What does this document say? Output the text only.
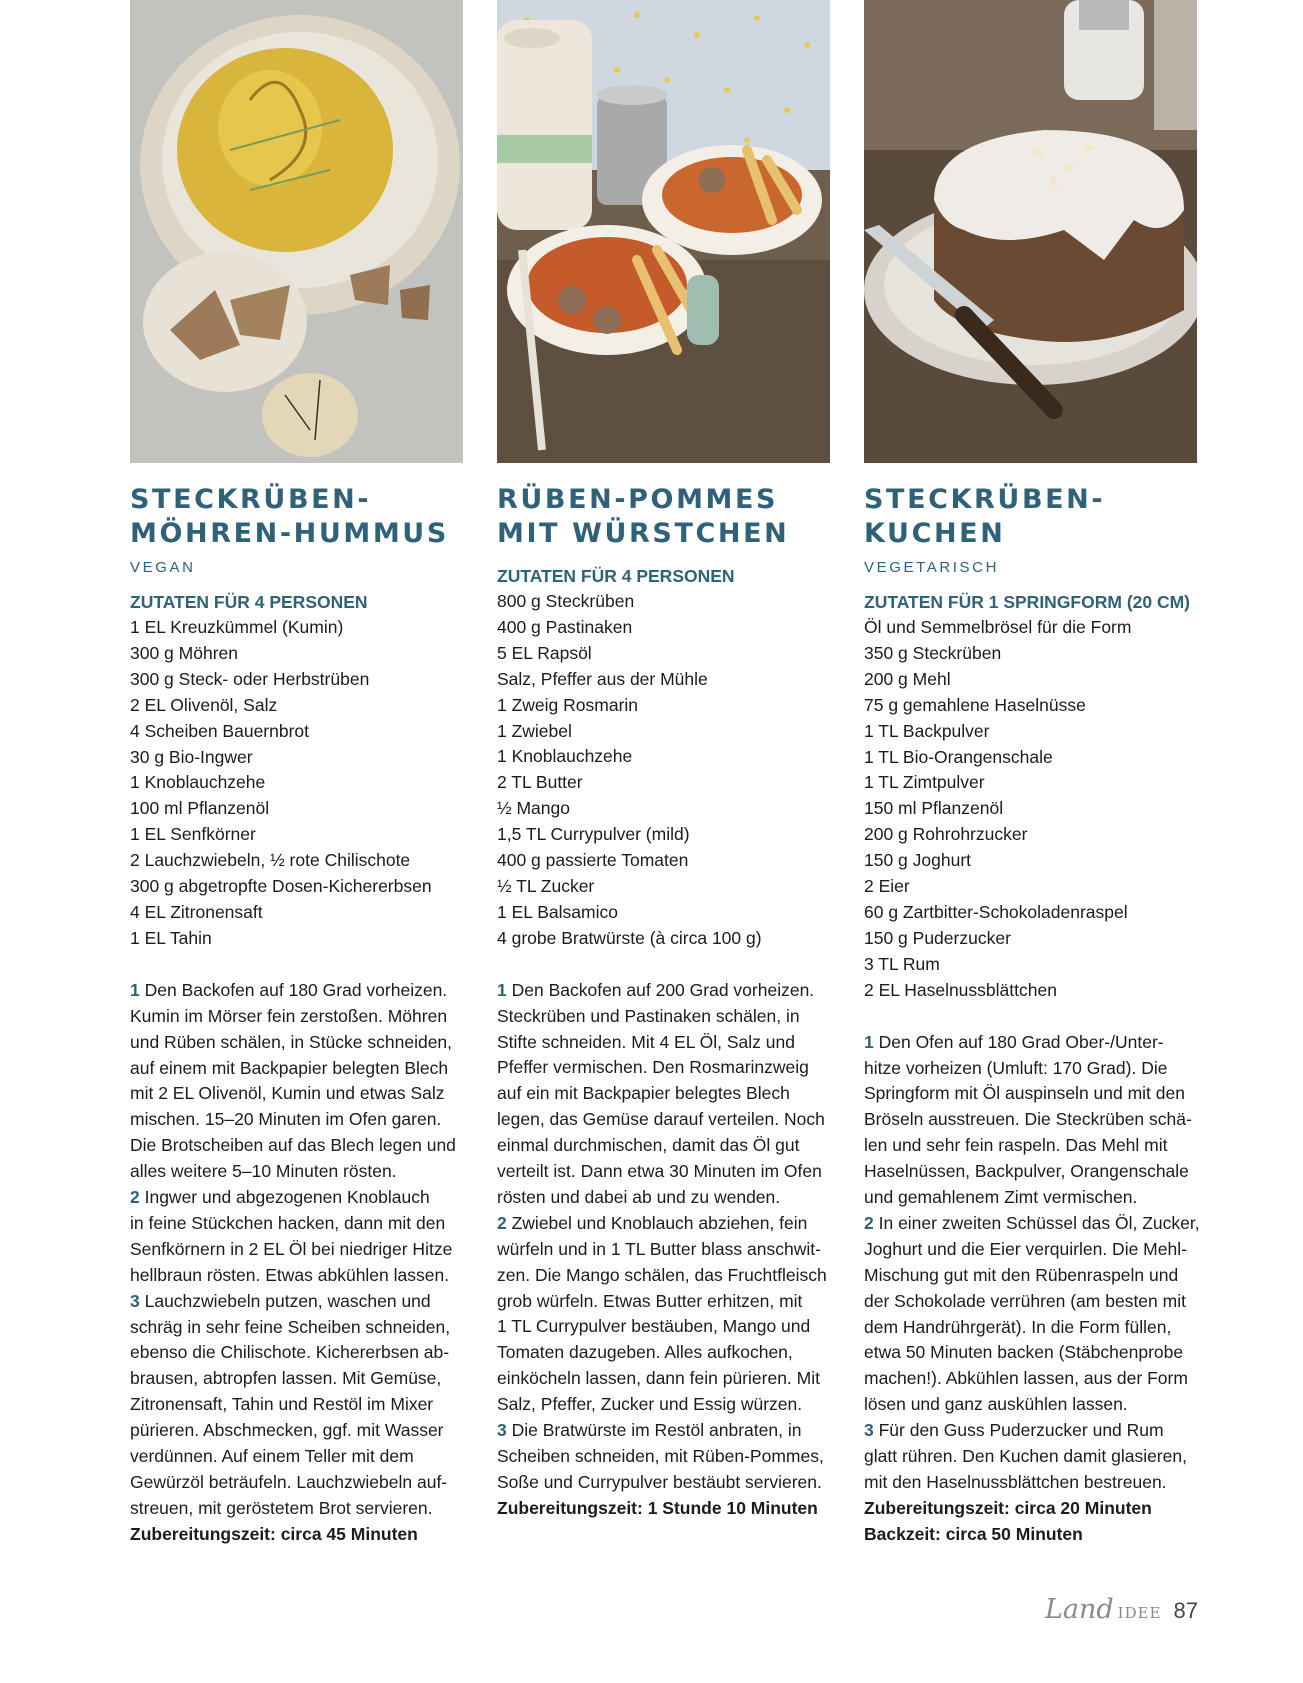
STECKRÜBEN-
MÖHREN-HUMMUS
VEGAN
ZUTATEN FÜR 4 PERSONEN
1 EL Kreuzkümmel (Kumin)
300 g Möhren
300 g Steck- oder Herbstrüben
2 EL Olivenöl, Salz
4 Scheiben Bauernbrot
30 g Bio-Ingwer
1 Knoblauchzehe
100 ml Pflanzenöl
1 EL Senfkörner
2 Lauchzwiebeln, ½ rote Chilischote
300 g abgetropfte Dosen-Kichererbsen
4 EL Zitronensaft
1 EL Tahin
1 Den Backofen auf 180 Grad vorheizen.
Kumin im Mörser fein zerstoßen. Möhren
und Rüben schälen, in Stücke schneiden,
auf einem mit Backpapier belegten Blech
mit 2 EL Olivenöl, Kumin und etwas Salz
mischen. 15–20 Minuten im Ofen garen.
Die Brotscheiben auf das Blech legen und
alles weitere 5–10 Minuten rösten.
2 Ingwer und abgezogenen Knoblauch
in feine Stückchen hacken, dann mit den
Senfkörnern in 2 EL Öl bei niedriger Hitze
hellbraun rösten. Etwas abkühlen lassen.
3 Lauchzwiebeln putzen, waschen und
schräg in sehr feine Scheiben schneiden,
ebenso die Chilischote. Kichererbsen ab-
brausen, abtropfen lassen. Mit Gemüse,
Zitronensaft, Tahin und Restöl im Mixer
pürieren. Abschmecken, ggf. mit Wasser
verdünnen. Auf einem Teller mit dem
Gewürzöl beträufeln. Lauchzwiebeln auf-
streuen, mit geröstetem Brot servieren.
Zubereitungszeit: circa 45 Minuten
RÜBEN-POMMES
MIT WÜRSTCHEN
ZUTATEN FÜR 4 PERSONEN
800 g Steckrüben
400 g Pastinaken
5 EL Rapsöl
Salz, Pfeffer aus der Mühle
1 Zweig Rosmarin
1 Zwiebel
1 Knoblauchzehe
2 TL Butter
½ Mango
1,5 TL Currypulver (mild)
400 g passierte Tomaten
½ TL Zucker
1 EL Balsamico
4 grobe Bratwürste (à circa 100 g)
1 Den Backofen auf 200 Grad vorheizen.
Steckrüben und Pastinaken schälen, in
Stifte schneiden. Mit 4 EL Öl, Salz und
Pfeffer vermischen. Den Rosmarinzweig
auf ein mit Backpapier belegtes Blech
legen, das Gemüse darauf verteilen. Noch
einmal durchmischen, damit das Öl gut
verteilt ist. Dann etwa 30 Minuten im Ofen
rösten und dabei ab und zu wenden.
2 Zwiebel und Knoblauch abziehen, fein
würfeln und in 1 TL Butter blass anschwit-
zen. Die Mango schälen, das Fruchtfleisch
grob würfeln. Etwas Butter erhitzen, mit
1 TL Currypulver bestäuben, Mango und
Tomaten dazugeben. Alles aufkochen,
einköcheln lassen, dann fein pürieren. Mit
Salz, Pfeffer, Zucker und Essig würzen.
3 Die Bratwürste im Restöl anbraten, in
Scheiben schneiden, mit Rüben-Pommes,
Soße und Currypulver bestäubt servieren.
Zubereitungszeit: 1 Stunde 10 Minuten
STECKRÜBEN-
KUCHEN
VEGETARISCH
ZUTATEN FÜR 1 SPRINGFORM (20 CM)
Öl und Semmelbrösel für die Form
350 g Steckrüben
200 g Mehl
75 g gemahlene Haselnüsse
1 TL Backpulver
1 TL Bio-Orangenschale
1 TL Zimtpulver
150 ml Pflanzenöl
200 g Rohrohrzucker
150 g Joghurt
2 Eier
60 g Zartbitter-Schokoladenraspel
150 g Puderzucker
3 TL Rum
2 EL Haselnussblättchen
1 Den Ofen auf 180 Grad Ober-/Unter-
hitze vorheizen (Umluft: 170 Grad). Die
Springform mit Öl auspinseln und mit den
Bröseln ausstreuen. Die Steckrüben schä-
len und sehr fein raspeln. Das Mehl mit
Haselnüssen, Backpulver, Orangenschale
und gemahlenem Zimt vermischen.
2 In einer zweiten Schüssel das Öl, Zucker,
Joghurt und die Eier verquirlen. Die Mehl-
Mischung gut mit den Rübenraspeln und
der Schokolade verrühren (am besten mit
dem Handrührgerät). In die Form füllen,
etwa 50 Minuten backen (Stäbchenprobe
machen!). Abkühlen lassen, aus der Form
lösen und ganz auskühlen lassen.
3 Für den Guss Puderzucker und Rum
glatt rühren. Den Kuchen damit glasieren,
mit den Haselnussblättchen bestreuen.
Zubereitungszeit: circa 20 Minuten
Backzeit: circa 50 Minuten
Land IDEE 87
